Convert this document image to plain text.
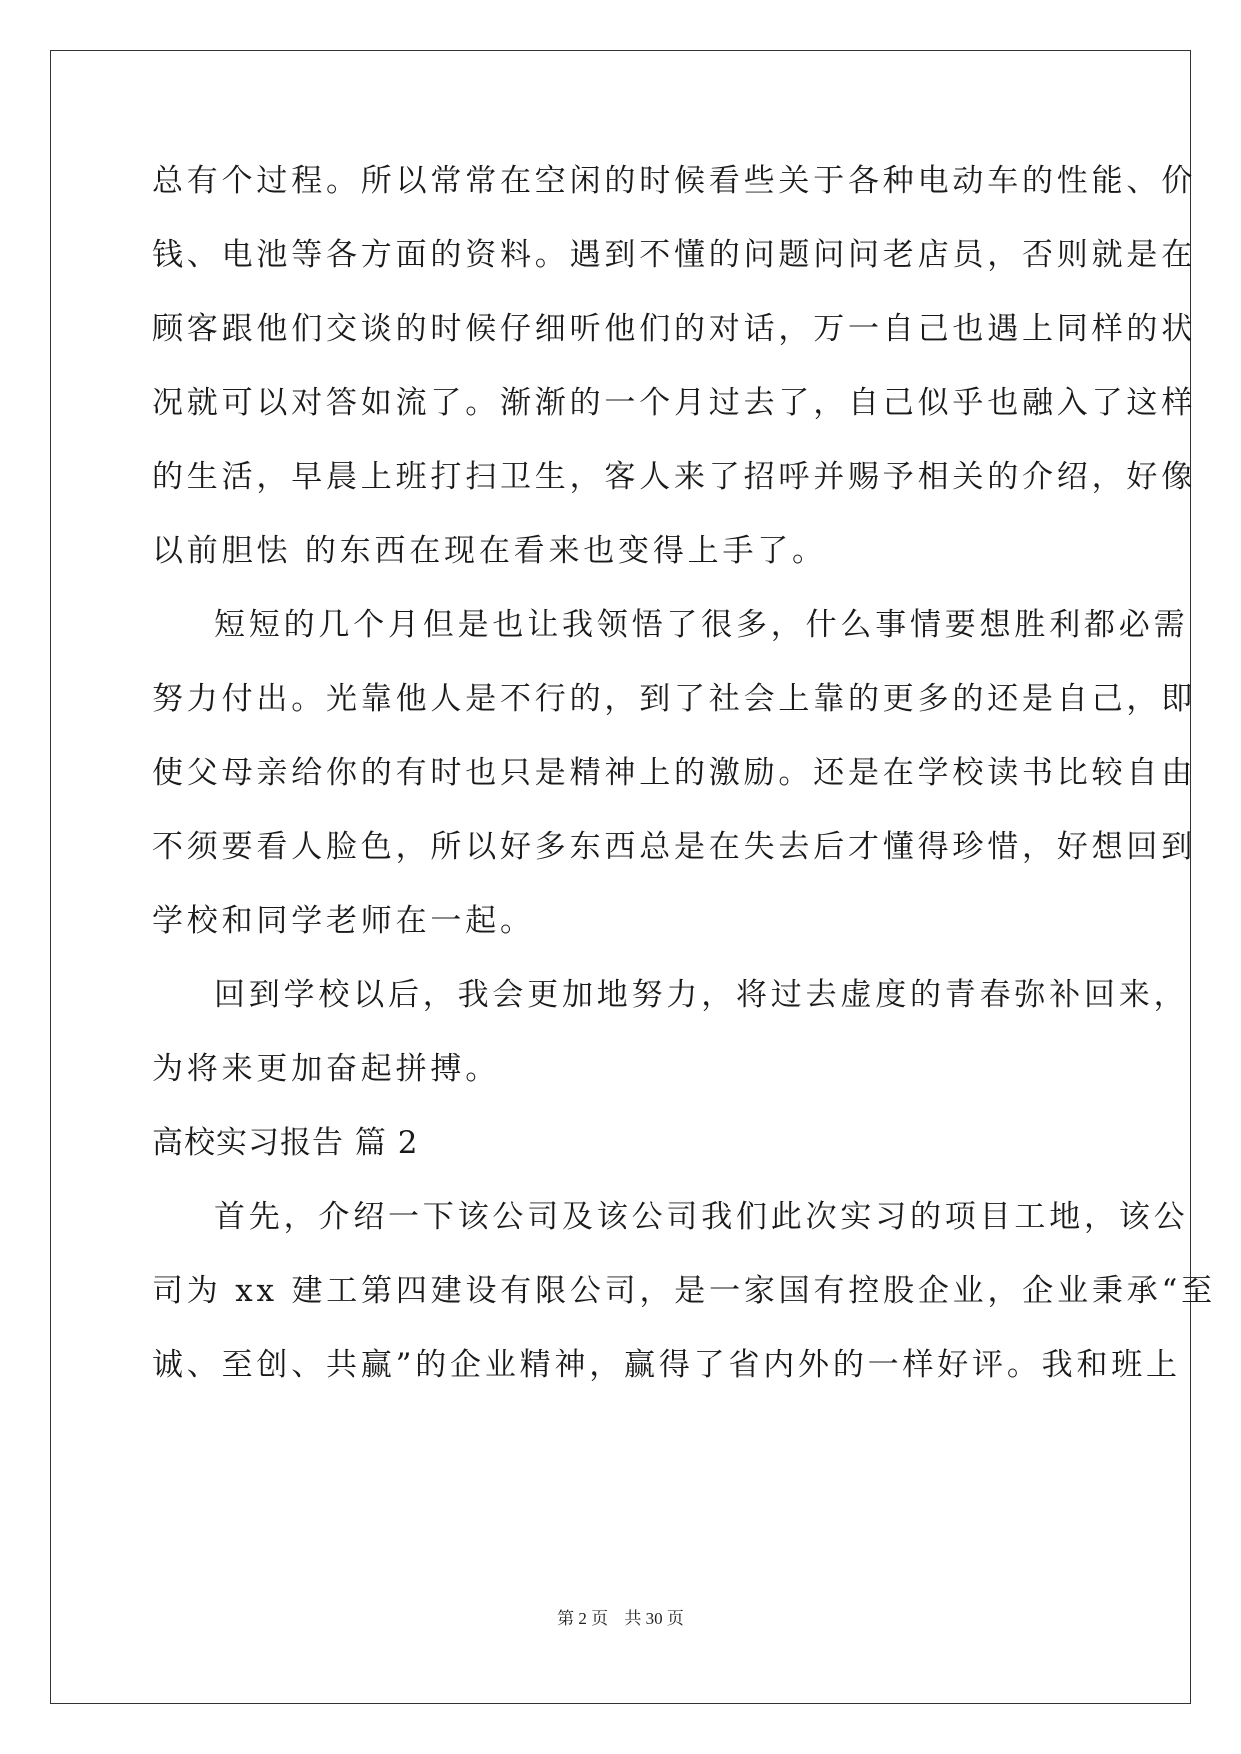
总有个过程。所以常常在空闲的时候看些关于各种电动车的性能、价
钱、电池等各方面的资料。遇到不懂的问题问问老店员，否则就是在
顾客跟他们交谈的时候仔细听他们的对话，万一自己也遇上同样的状
况就可以对答如流了。渐渐的一个月过去了，自己似乎也融入了这样
的生活，早晨上班打扫卫生，客人来了招呼并赐予相关的介绍，好像
以前胆怯 的东西在现在看来也变得上手了。
短短的几个月但是也让我领悟了很多，什么事情要想胜利都必需
努力付出。光靠他人是不行的，到了社会上靠的更多的还是自己，即
使父母亲给你的有时也只是精神上的激励。还是在学校读书比较自由
不须要看人脸色，所以好多东西总是在失去后才懂得珍惜，好想回到
学校和同学老师在一起。
回到学校以后，我会更加地努力，将过去虚度的青春弥补回来，
为将来更加奋起拼搏。
高校实习报告 篇 2
首先，介绍一下该公司及该公司我们此次实习的项目工地，该公
司为 xx 建工第四建设有限公司，是一家国有控股企业，企业秉承“至
诚、至创、共赢”的企业精神，赢得了省内外的一样好评。我和班上
第 2 页 共 30 页
